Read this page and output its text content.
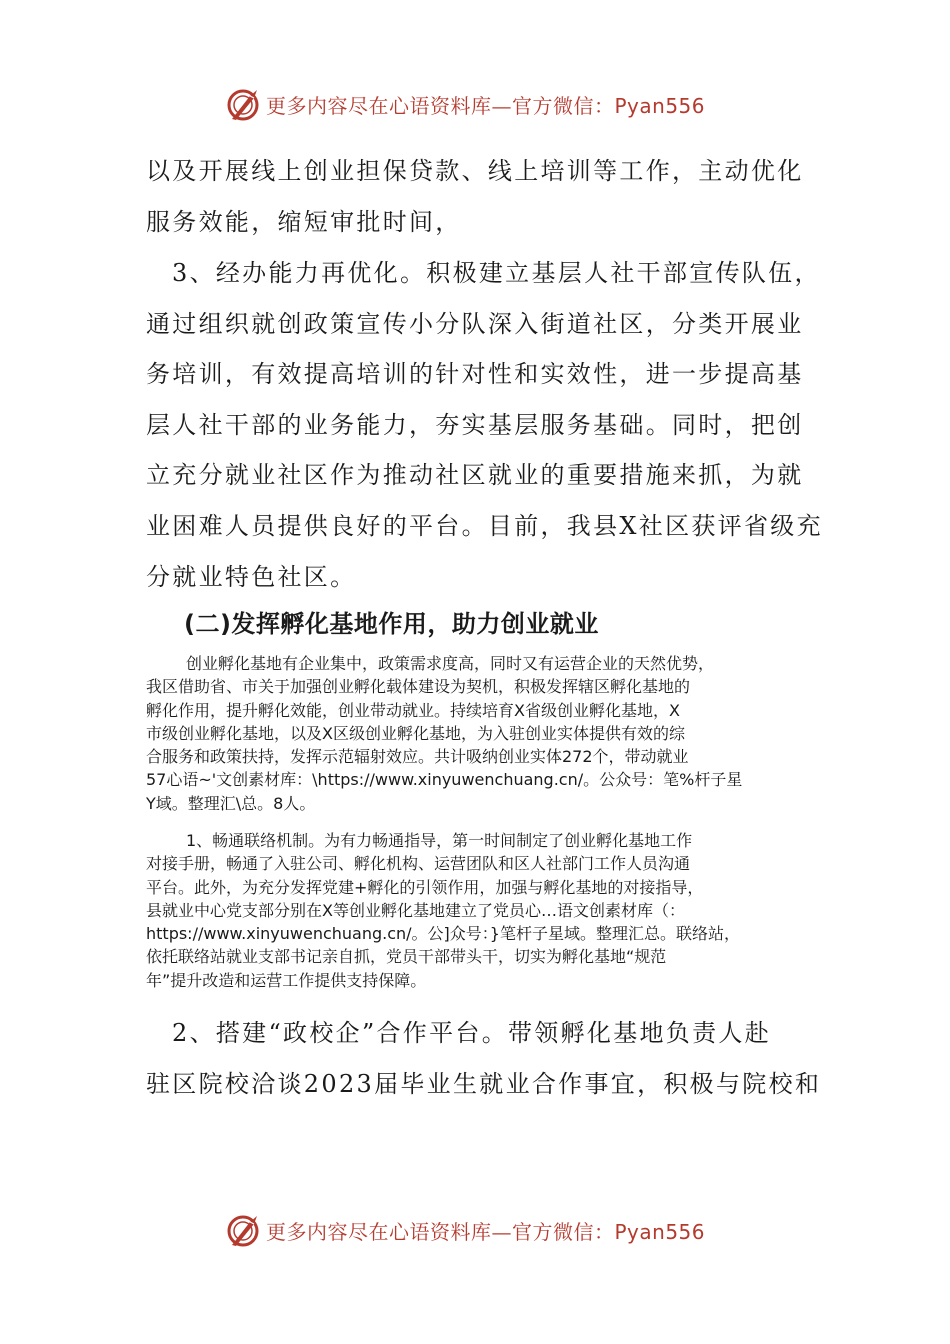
更多内容尽在心语资料库—官方微信：Pyan556
以及开展线上创业担保贷款、线上培训等工作，主动优化
服务效能，缩短审批时间，
3、经办能力再优化。积极建立基层人社干部宣传队伍，
通过组织就创政策宣传小分队深入街道社区，分类开展业
务培训，有效提高培训的针对性和实效性，进一步提高基
层人社干部的业务能力，夯实基层服务基础。同时，把创
立充分就业社区作为推动社区就业的重要措施来抓，为就
业困难人员提供良好的平台。目前，我县X社区获评省级充
分就业特色社区。
(二)发挥孵化基地作用，助力创业就业
创业孵化基地有企业集中，政策需求度高，同时又有运营企业的天然优势，
我区借助省、市关于加强创业孵化载体建设为契机，积极发挥辖区孵化基地的
孵化作用，提升孵化效能，创业带动就业。持续培育X省级创业孵化基地，X
市级创业孵化基地，以及X区级创业孵化基地，为入驻创业实体提供有效的综
合服务和政策扶持，发挥示范辐射效应。共计吸纳创业实体272个，带动就业
57心语~'文创素材库：\https://www.xinyuwenchuang.cn/。公众号：笔%杆子星
Y域。整理汇\总。8人。
1、畅通联络机制。为有力畅通指导，第一时间制定了创业孵化基地工作
对接手册，畅通了入驻公司、孵化机构、运营团队和区人社部门工作人员沟通
平台。此外，为充分发挥党建+孵化的引领作用，加强与孵化基地的对接指导，
县就业中心党支部分别在X等创业孵化基地建立了党员心…语文创素材库（：
https://www.xinyuwenchuang.cn/。公]众号：}笔杆子星域。整理汇总。联络站，
依托联络站就业支部书记亲自抓，党员干部带头干，切实为孵化基地“规范
年”提升改造和运营工作提供支持保障。
2、搭建“政校企”合作平台。带领孵化基地负责人赴
驻区院校洽谈2023届毕业生就业合作事宜，积极与院校和
更多内容尽在心语资料库—官方微信：Pyan556
